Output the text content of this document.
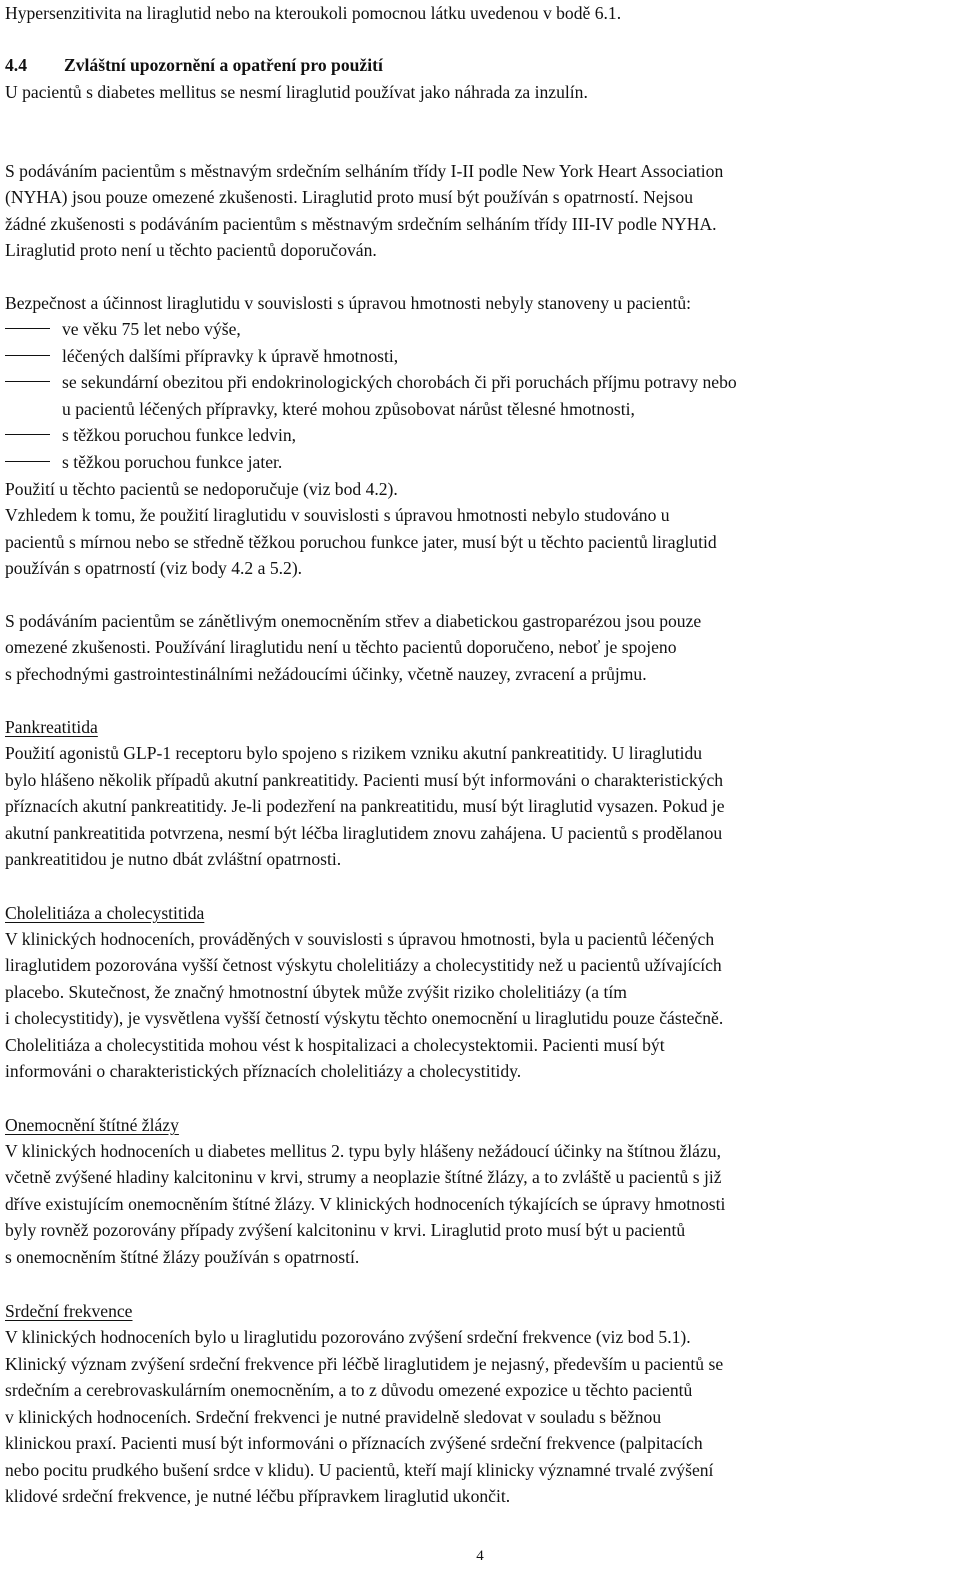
Hypersenzitivita na liraglutid nebo na kteroukoli pomocnou látku uvedenou v bodě 6.1.
4.4 Zvláštní upozornění a opatření pro použití
U pacientů s diabetes mellitus se nesmí liraglutid používat jako náhrada za inzulín.
S podáváním pacientům s městnavým srdečním selháním třídy I-II podle New York Heart Association
(NYHA) jsou pouze omezené zkušenosti. Liraglutid proto musí být používán s opatrností. Nejsou
žádné zkušenosti s podáváním pacientům s městnavým srdečním selháním třídy III-IV podle NYHA.
Liraglutid proto není u těchto pacientů doporučován.
Bezpečnost a účinnost liraglutidu v souvislosti s úpravou hmotnosti nebyly stanoveny u pacientů:
ve věku 75 let nebo výše,
léčených dalšími přípravky k úpravě hmotnosti,
se sekundární obezitou při endokrinologických chorobách či při poruchách příjmu potravy nebo
u pacientů léčených přípravky, které mohou způsobovat nárůst tělesné hmotnosti,
s těžkou poruchou funkce ledvin,
s těžkou poruchou funkce jater.
Použití u těchto pacientů se nedoporučuje (viz bod 4.2).
Vzhledem k tomu, že použití liraglutidu v souvislosti s úpravou hmotnosti nebylo studováno u
pacientů s mírnou nebo se středně těžkou poruchou funkce jater, musí být u těchto pacientů liraglutid
používán s opatrností (viz body 4.2 a 5.2).
S podáváním pacientům se zánětlivým onemocněním střev a diabetickou gastroparézou jsou pouze
omezené zkušenosti. Používání liraglutidu není u těchto pacientů doporučeno, neboť je spojeno
s přechodnými gastrointestinálními nežádoucími účinky, včetně nauzey, zvracení a průjmu.
Pankreatitida
Použití agonistů GLP-1 receptoru bylo spojeno s rizikem vzniku akutní pankreatitidy. U liraglutidu
bylo hlášeno několik případů akutní pankreatitidy. Pacienti musí být informováni o charakteristických
příznacích akutní pankreatitidy. Je-li podezření na pankreatitidu, musí být liraglutid vysazen. Pokud je
akutní pankreatitida potvrzena, nesmí být léčba liraglutidem znovu zahájena. U pacientů s prodělanou
pankreatitidou je nutno dbát zvláštní opatrnosti.
Cholelitiáza a cholecystitida
V klinických hodnoceních, prováděných v souvislosti s úpravou hmotnosti, byla u pacientů léčených
liraglutidem pozorována vyšší četnost výskytu cholelitiázy a cholecystitidy než u pacientů užívajících
placebo. Skutečnost, že značný hmotnostní úbytek může zvýšit riziko cholelitiázy (a tím
i cholecystitidy), je vysvětlena vyšší četností výskytu těchto onemocnění u liraglutidu pouze částečně.
Cholelitiáza a cholecystitida mohou vést k hospitalizaci a cholecystektomii. Pacienti musí být
informováni o charakteristických příznacích cholelitiázy a cholecystitidy.
Onemocnění štítné žlázy
V klinických hodnoceních u diabetes mellitus 2. typu byly hlášeny nežádoucí účinky na štítnou žlázu,
včetně zvýšené hladiny kalcitoninu v krvi, strumy a neoplazie štítné žlázy, a to zvláště u pacientů s již
dříve existujícím onemocněním štítné žlázy. V klinických hodnoceních týkajících se úpravy hmotnosti
byly rovněž pozorovány případy zvýšení kalcitoninu v krvi. Liraglutid proto musí být u pacientů
s onemocněním štítné žlázy používán s opatrností.
Srdeční frekvence
V klinických hodnoceních bylo u liraglutidu pozorováno zvýšení srdeční frekvence (viz bod 5.1).
Klinický význam zvýšení srdeční frekvence při léčbě liraglutidem je nejasný, především u pacientů se
srdečním a cerebrovaskulárním onemocněním, a to z důvodu omezené expozice u těchto pacientů
v klinických hodnoceních. Srdeční frekvenci je nutné pravidelně sledovat v souladu s běžnou
klinickou praxí. Pacienti musí být informováni o příznacích zvýšené srdeční frekvence (palpitacích
nebo pocitu prudkého bušení srdce v klidu). U pacientů, kteří mají klinicky významné trvalé zvýšení
klidové srdeční frekvence, je nutné léčbu přípravkem liraglutid ukončit.
4
